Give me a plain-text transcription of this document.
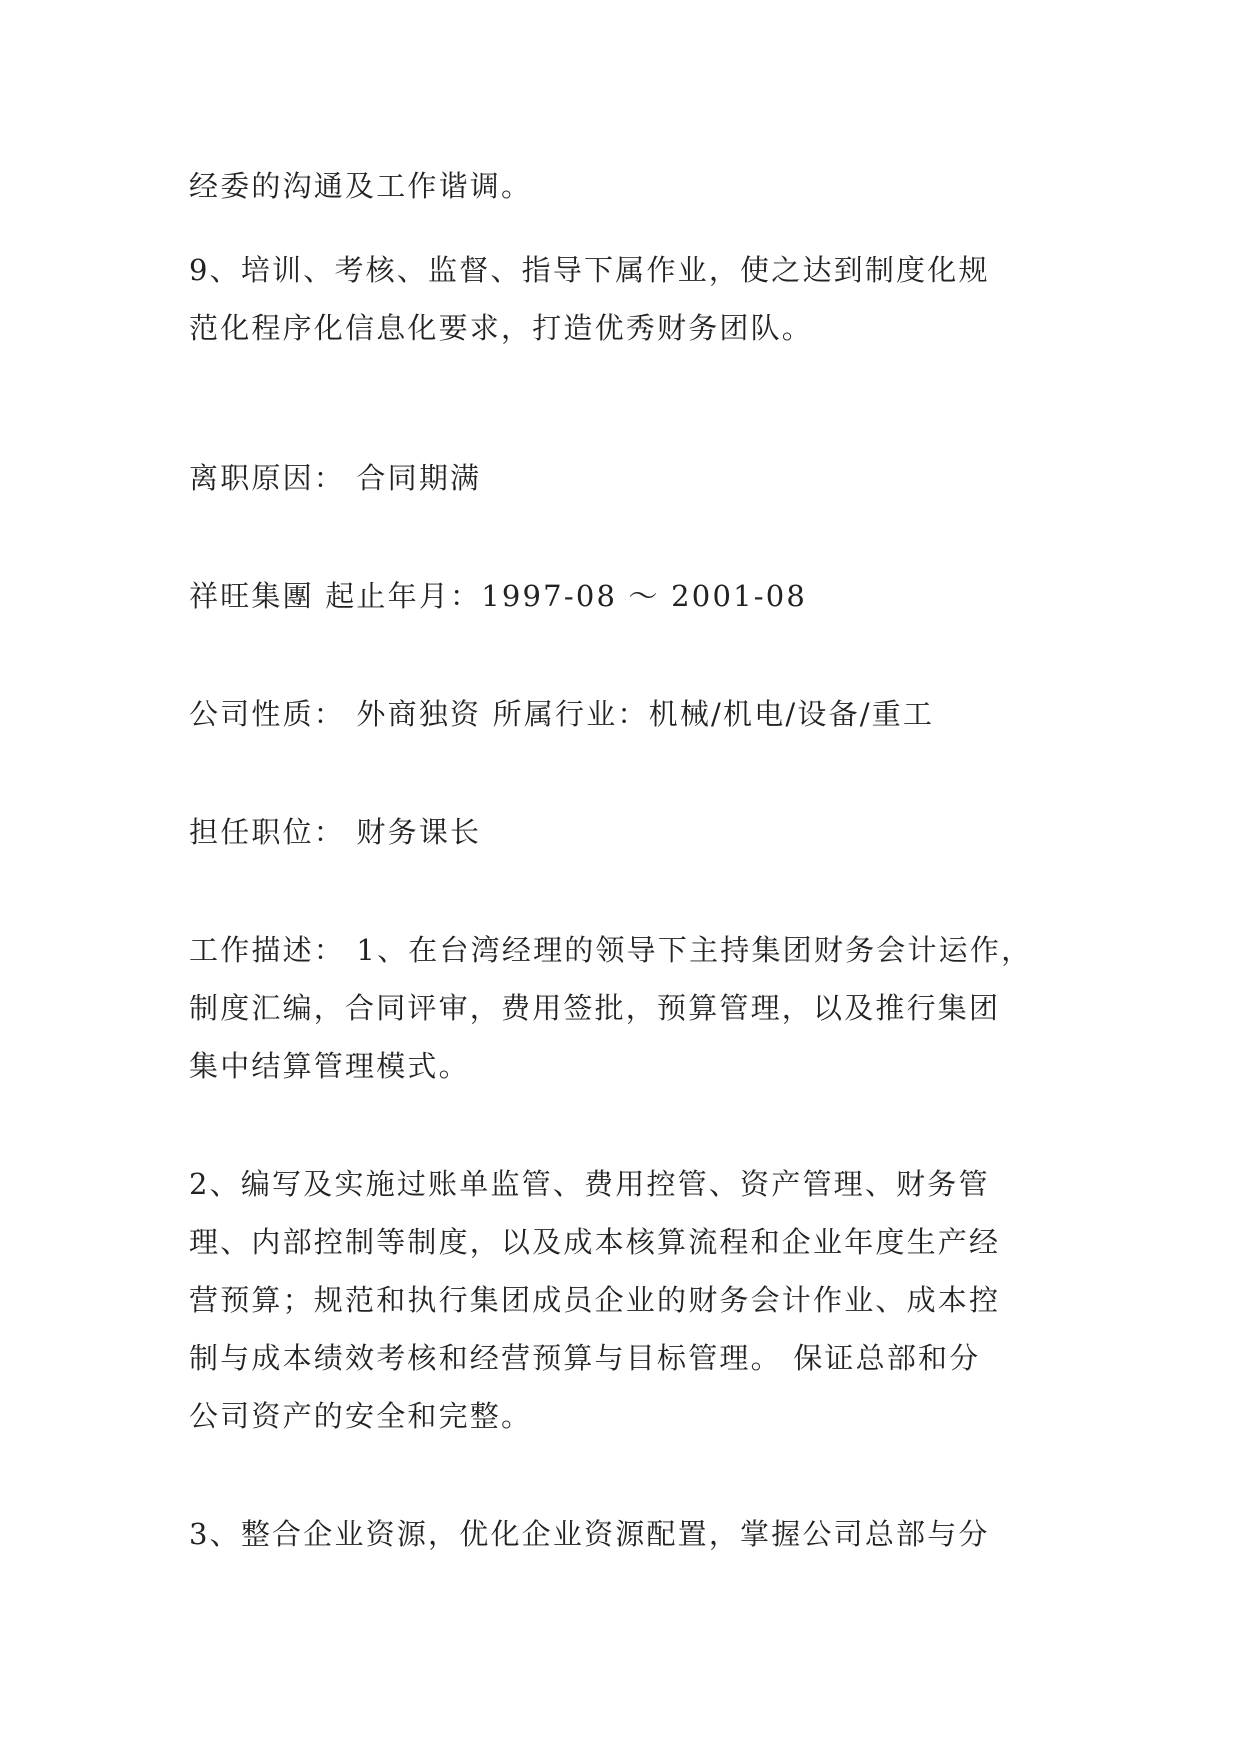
经委的沟通及工作谐调。

9、培训、考核、监督、指导下属作业，使之达到制度化规

范化程序化信息化要求，打造优秀财务团队。

离职原因： 合同期满

祥旺集團 起止年月：1997-08 ～ 2001-08

公司性质： 外商独资 所属行业：机械/机电/设备/重工

担任职位： 财务课长

工作描述： 1、在台湾经理的领导下主持集团财务会计运作，

制度汇编，合同评审，费用签批，预算管理，以及推行集团

集中结算管理模式。

2、编写及实施过账单监管、费用控管、资产管理、财务管

理、内部控制等制度，以及成本核算流程和企业年度生产经

营预算；规范和执行集团成员企业的财务会计作业、成本控

制与成本绩效考核和经营预算与目标管理。 保证总部和分

公司资产的安全和完整。

3、整合企业资源，优化企业资源配置，掌握公司总部与分
